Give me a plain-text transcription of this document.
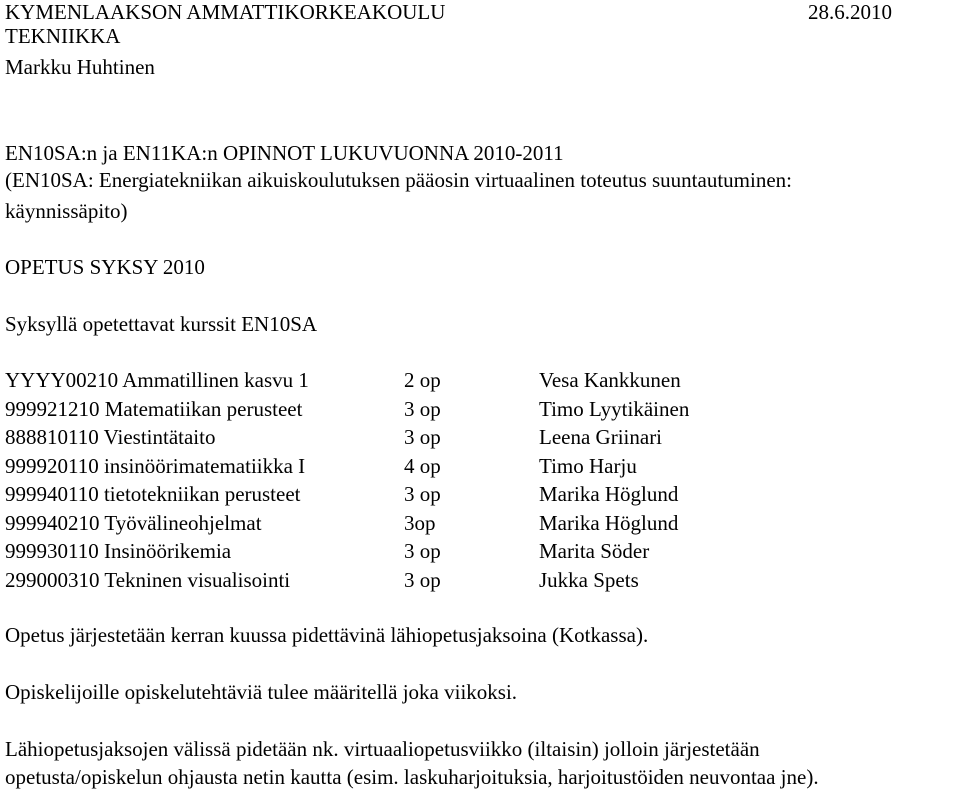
KYMENLAAKSON AMMATTIKORKEAKOULU	28.6.2010
TEKNIIKKA
Markku Huhtinen
EN10SA:n ja EN11KA:n OPINNOT LUKUVUONNA 2010-2011
(EN10SA: Energiatekniikan aikuiskoulutuksen pääosin virtuaalinen toteutus suuntautuminen:
käynnissäpito)
OPETUS SYKSY 2010
Syksyllä opetettavat kurssit EN10SA
YYYY00210 Ammatillinen kasvu 1	2 op	Vesa Kankkunen
999921210 Matematiikan perusteet	3 op	Timo Lyytikäinen
888810110 Viestintätaito	3 op	Leena Griinari
999920110 insinöörimatematiikka I	4 op	Timo Harju
999940110 tietotekniikan perusteet	3 op	Marika Höglund
999940210 Työvälineohjelmat	3op	Marika Höglund
999930110 Insinöörikemia	3 op	Marita Söder
299000310 Tekninen visualisointi	3 op	Jukka Spets
Opetus järjestetään kerran kuussa pidettävinä lähiopetusjaksoina (Kotkassa).
Opiskelijoille opiskelutehtäviä tulee määritellä joka viikoksi.
Lähiopetusjaksojen välissä pidetään nk. virtuaaliopetusviikko (iltaisin) jolloin järjestetään
opetusta/opiskelun ohjausta netin kautta (esim. laskuharjoituksia, harjoitustöiden neuvontaa jne).
